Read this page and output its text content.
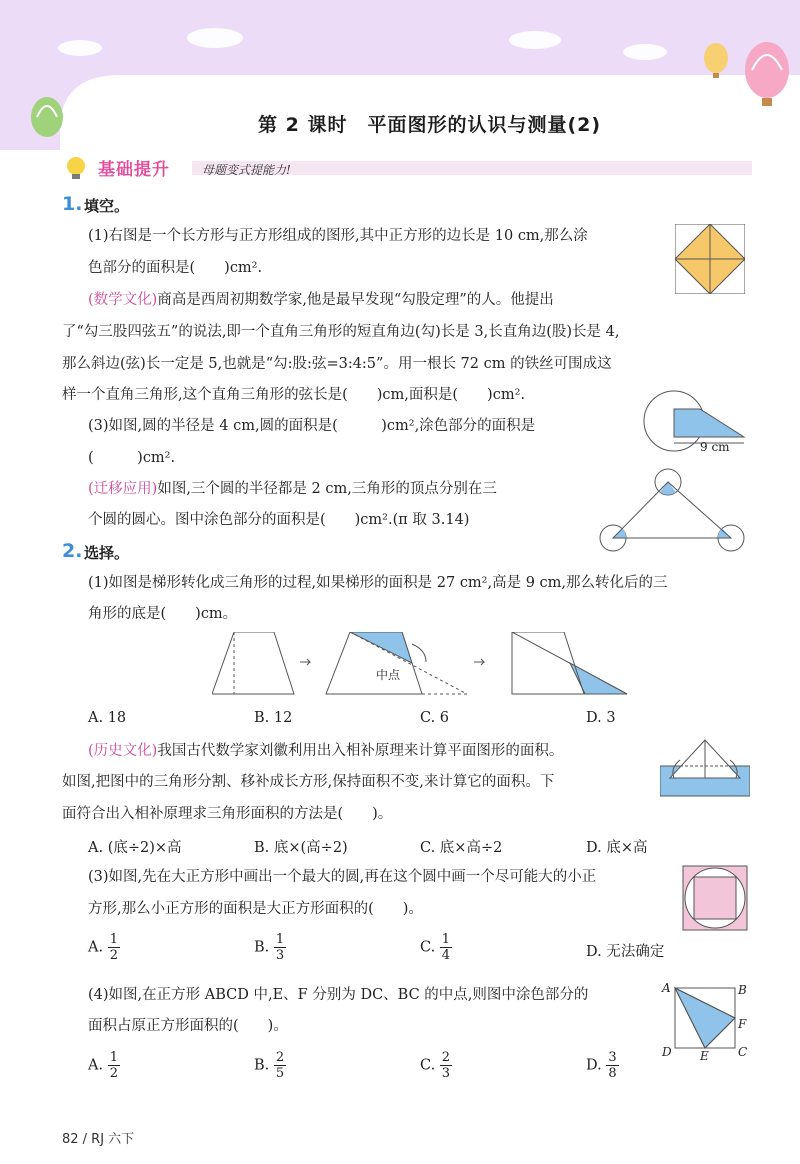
第 2 课时　平面图形的认识与测量(2)
基础提升	母题变式提能力!
1. 填空。
(1)右图是一个长方形与正方形组成的图形,其中正方形的边长是 10 cm,那么涂
色部分的面积是(　　)cm².
(数学文化)商高是西周初期数学家,他是最早发现“勾股定理”的人。他提出
了“勾三股四弦五”的说法,即一个直角三角形的短直角边(勾)长是 3,长直角边(股)长是 4,
那么斜边(弦)长一定是 5,也就是“勾:股:弦=3:4:5”。用一根长 72 cm 的铁丝可围成这
样一个直角三角形,这个直角三角形的弦长是(　　)cm,面积是(　　)cm².
(3)如图,圆的半径是 4 cm,圆的面积是(　　　)cm²,涂色部分的面积是
(　　　)cm².
9 cm
(迁移应用)如图,三个圆的半径都是 2 cm,三角形的顶点分别在三
个圆的圆心。图中涂色部分的面积是(　　)cm².(π 取 3.14)
2. 选择。
(1)如图是梯形转化成三角形的过程,如果梯形的面积是 27 cm²,高是 9 cm,那么转化后的三
角形的底是(　　)cm。
中点
A. 18	B. 12	C. 6	D. 3
(历史文化)我国古代数学家刘徽利用出入相补原理来计算平面图形的面积。
如图,把图中的三角形分割、移补成长方形,保持面积不变,来计算它的面积。下
面符合出入相补原理求三角形面积的方法是(　　)。
A. (底÷2)×高	B. 底×(高÷2)	C. 底×高÷2	D. 底×高
(3)如图,先在大正方形中画出一个最大的圆,再在这个圆中画一个尽可能大的小正
方形,那么小正方形的面积是大正方形面积的(　　)。
A. $\frac{1}{2}$	B. $\frac{1}{3}$	C. $\frac{1}{4}$	D. 无法确定
(4)如图,在正方形 ABCD 中,E、F 分别为 DC、BC 的中点,则图中涂色部分的
面积占原正方形面积的(　　)。
A	B
C
D E
F
A. $\frac{1}{2}$	B. $\frac{2}{5}$	C. $\frac{2}{3}$	D. $\frac{3}{8}$
82 / RJ 六下
